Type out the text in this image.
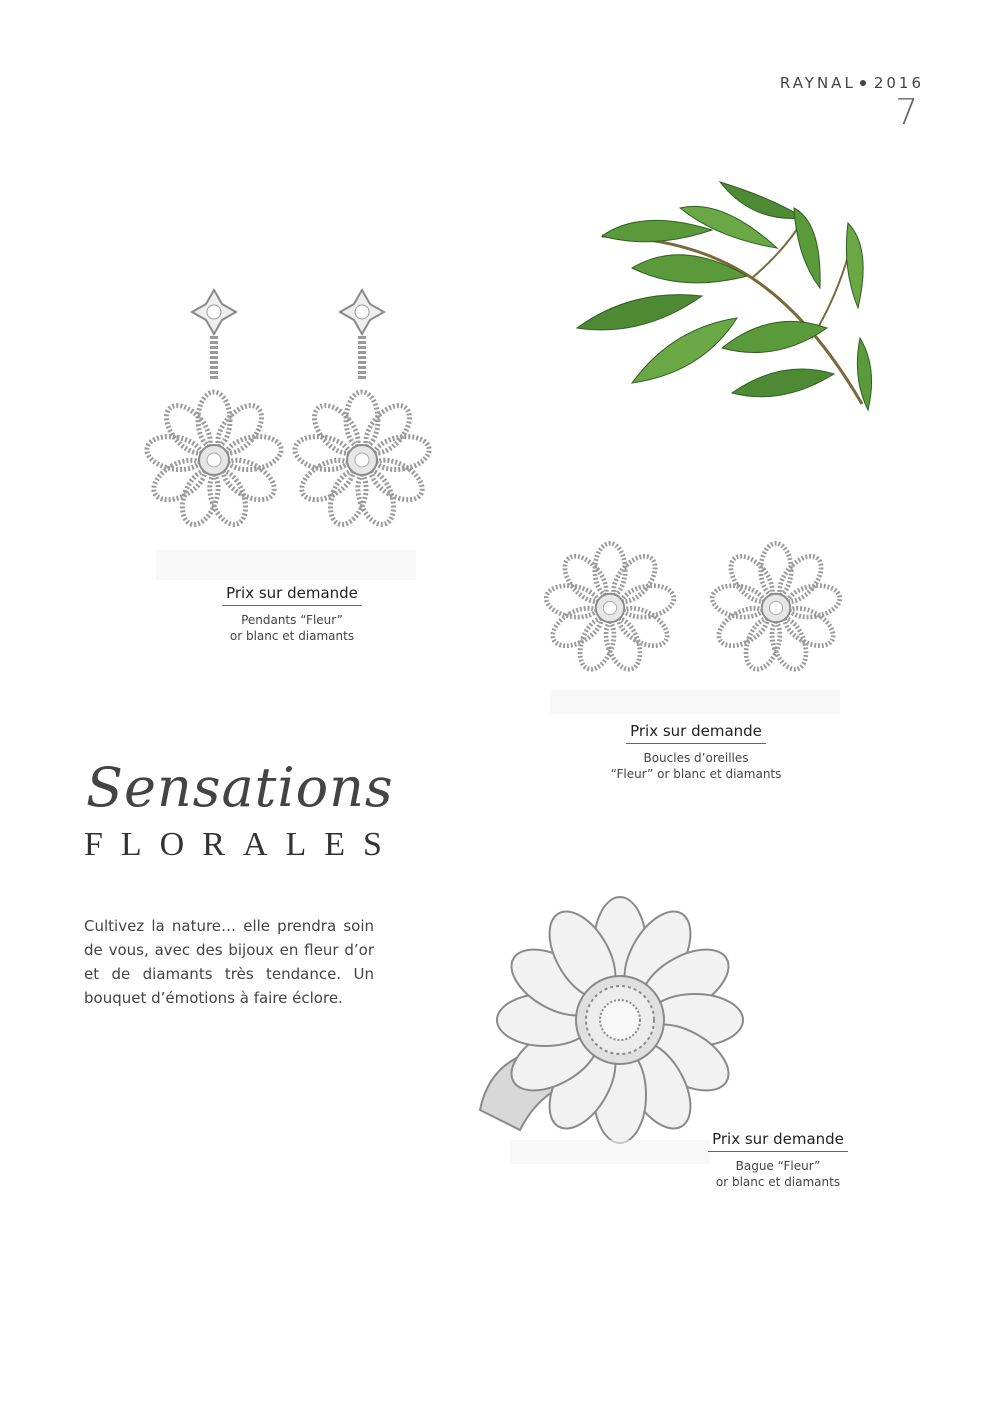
RAYNAL 2016
7
Prix sur demande
Pendants “Fleur”
or blanc et diamants
Prix sur demande
Boucles d’oreilles
“Fleur” or blanc et diamants
Sensations
FLORALES
Cultivez la nature… elle prendra soin de vous, avec des bijoux en fleur d’or et de diamants très tendance. Un bouquet d’émotions à faire éclore.
Prix sur demande
Bague “Fleur”
or blanc et diamants
